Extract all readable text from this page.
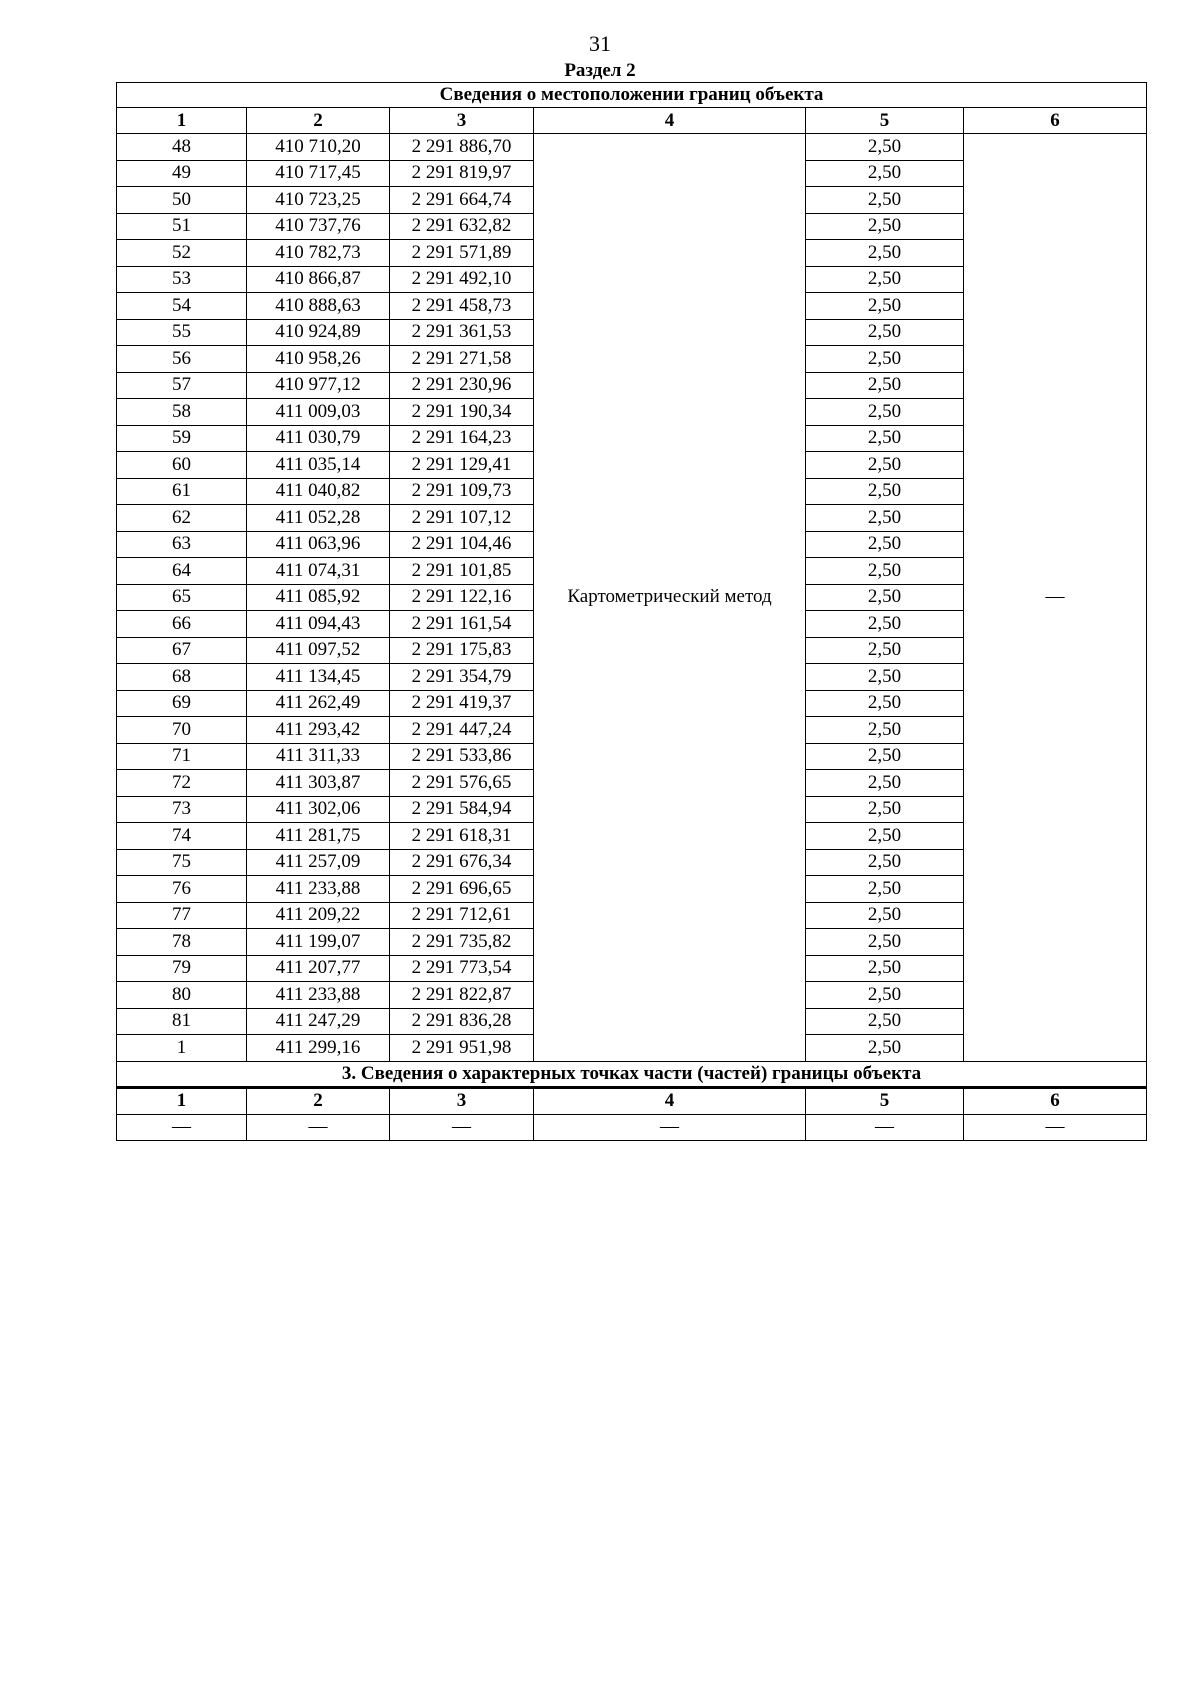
31
Раздел 2
Сведения о местоположении границ объекта					
1	2	3	4	5	6
48	410 710,20	2 291 886,70	Картометрический метод	2,50	—
49	410 717,45	2 291 819,97		2,50	
50	410 723,25	2 291 664,74		2,50	
51	410 737,76	2 291 632,82		2,50	
52	410 782,73	2 291 571,89		2,50	
53	410 866,87	2 291 492,10		2,50	
54	410 888,63	2 291 458,73		2,50	
55	410 924,89	2 291 361,53		2,50	
56	410 958,26	2 291 271,58		2,50	
57	410 977,12	2 291 230,96		2,50	
58	411 009,03	2 291 190,34		2,50	
59	411 030,79	2 291 164,23		2,50	
60	411 035,14	2 291 129,41		2,50	
61	411 040,82	2 291 109,73		2,50	
62	411 052,28	2 291 107,12		2,50	
63	411 063,96	2 291 104,46		2,50	
64	411 074,31	2 291 101,85		2,50	
65	411 085,92	2 291 122,16		2,50	
66	411 094,43	2 291 161,54		2,50	
67	411 097,52	2 291 175,83		2,50	
68	411 134,45	2 291 354,79		2,50	
69	411 262,49	2 291 419,37		2,50	
70	411 293,42	2 291 447,24		2,50	
71	411 311,33	2 291 533,86		2,50	
72	411 303,87	2 291 576,65		2,50	
73	411 302,06	2 291 584,94		2,50	
74	411 281,75	2 291 618,31		2,50	
75	411 257,09	2 291 676,34		2,50	
76	411 233,88	2 291 696,65		2,50	
77	411 209,22	2 291 712,61		2,50	
78	411 199,07	2 291 735,82		2,50	
79	411 207,77	2 291 773,54		2,50	
80	411 233,88	2 291 822,87		2,50	
81	411 247,29	2 291 836,28		2,50	
1	411 299,16	2 291 951,98		2,50	
3. Сведения о характерных точках части (частей) границы объекта					
1	2	3	4	5	6
—	—	—	—	—	—
